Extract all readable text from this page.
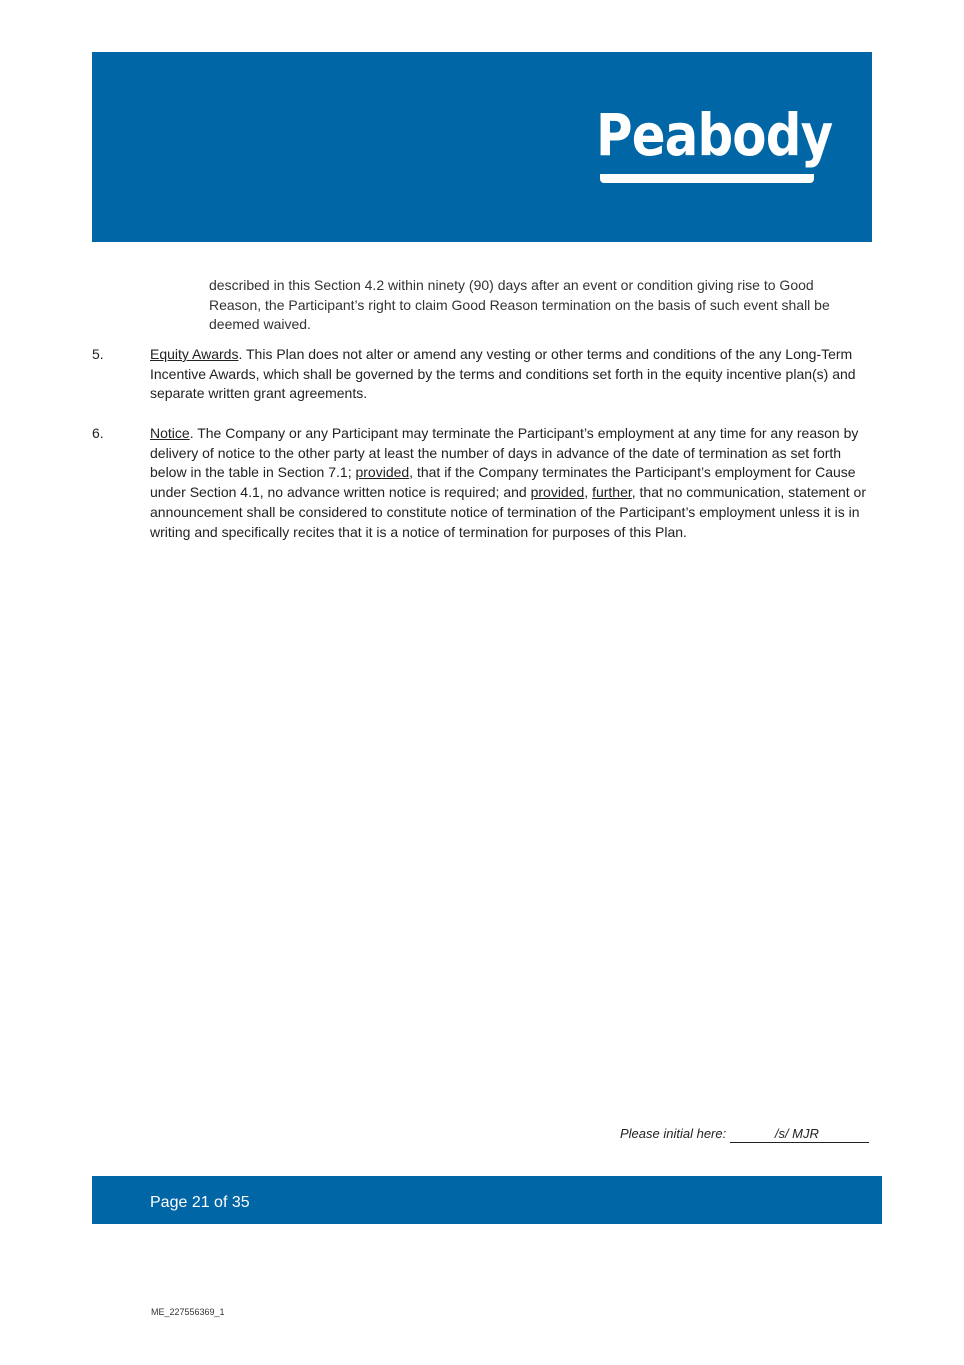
Peabody
described in this Section 4.2 within ninety (90) days after an event or condition giving rise to Good Reason, the Participant’s right to claim Good Reason termination on the basis of such event shall be deemed waived.
5.	Equity Awards. This Plan does not alter or amend any vesting or other terms and conditions of the any Long-Term Incentive Awards, which shall be governed by the terms and conditions set forth in the equity incentive plan(s) and separate written grant agreements.
6.	Notice. The Company or any Participant may terminate the Participant’s employment at any time for any reason by delivery of notice to the other party at least the number of days in advance of the date of termination as set forth below in the table in Section 7.1; provided, that if the Company terminates the Participant’s employment for Cause under Section 4.1, no advance written notice is required; and provided, further, that no communication, statement or announcement shall be considered to constitute notice of termination of the Participant’s employment unless it is in writing and specifically recites that it is a notice of termination for purposes of this Plan.
Please initial here:	/s/ MJR
Page 21 of 35
ME_227556369_1
